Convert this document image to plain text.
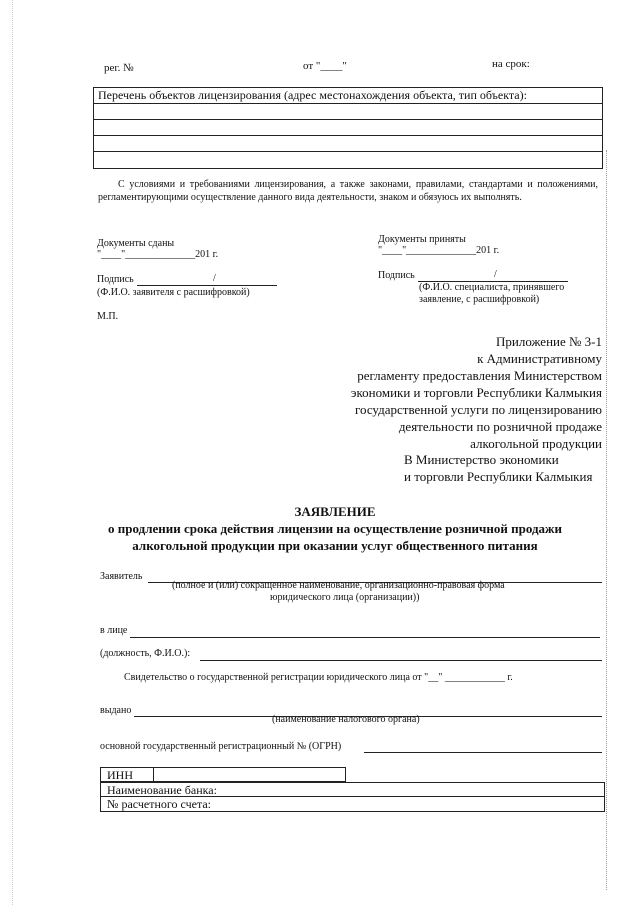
рег. №	от "____"	на срок:
Перечень объектов лицензирования (адрес местонахождения объекта, тип объекта):
С условиями и требованиями лицензирования, а также законами, правилами, стандартами и положениями, регламентирующими осуществление данного вида деятельности, знаком и обязуюсь их выполнять.
Документы сданы
"____"______________201 г.
Подпись	/
(Ф.И.О. заявителя с расшифровкой)
Документы приняты
"____"______________201 г.
Подпись	/
(Ф.И.О. специалиста, принявшего
заявление, с расшифровкой)
М.П.
Приложение № 3-1
к Административному
регламенту предоставления Министерством
экономики и торговли Республики Калмыкия
государственной услуги по лицензированию
деятельности по розничной продаже
алкогольной продукции
В Министерство экономики
и торговли Республики Калмыкия
ЗАЯВЛЕНИЕ
о продлении срока действия лицензии на осуществление розничной продажи
алкогольной продукции при оказании услуг общественного питания
Заявитель
(полное и (или) сокращенное наименование, организационно-правовая форма
юридического лица (организации))
в лице
(должность, Ф.И.О.):
Свидетельство о государственной регистрации юридического лица от "__" ____________ г.
выдано
(наименование налогового органа)
основной государственный регистрационный № (ОГРН)
ИНН
Наименование банка:
№ расчетного счета:
